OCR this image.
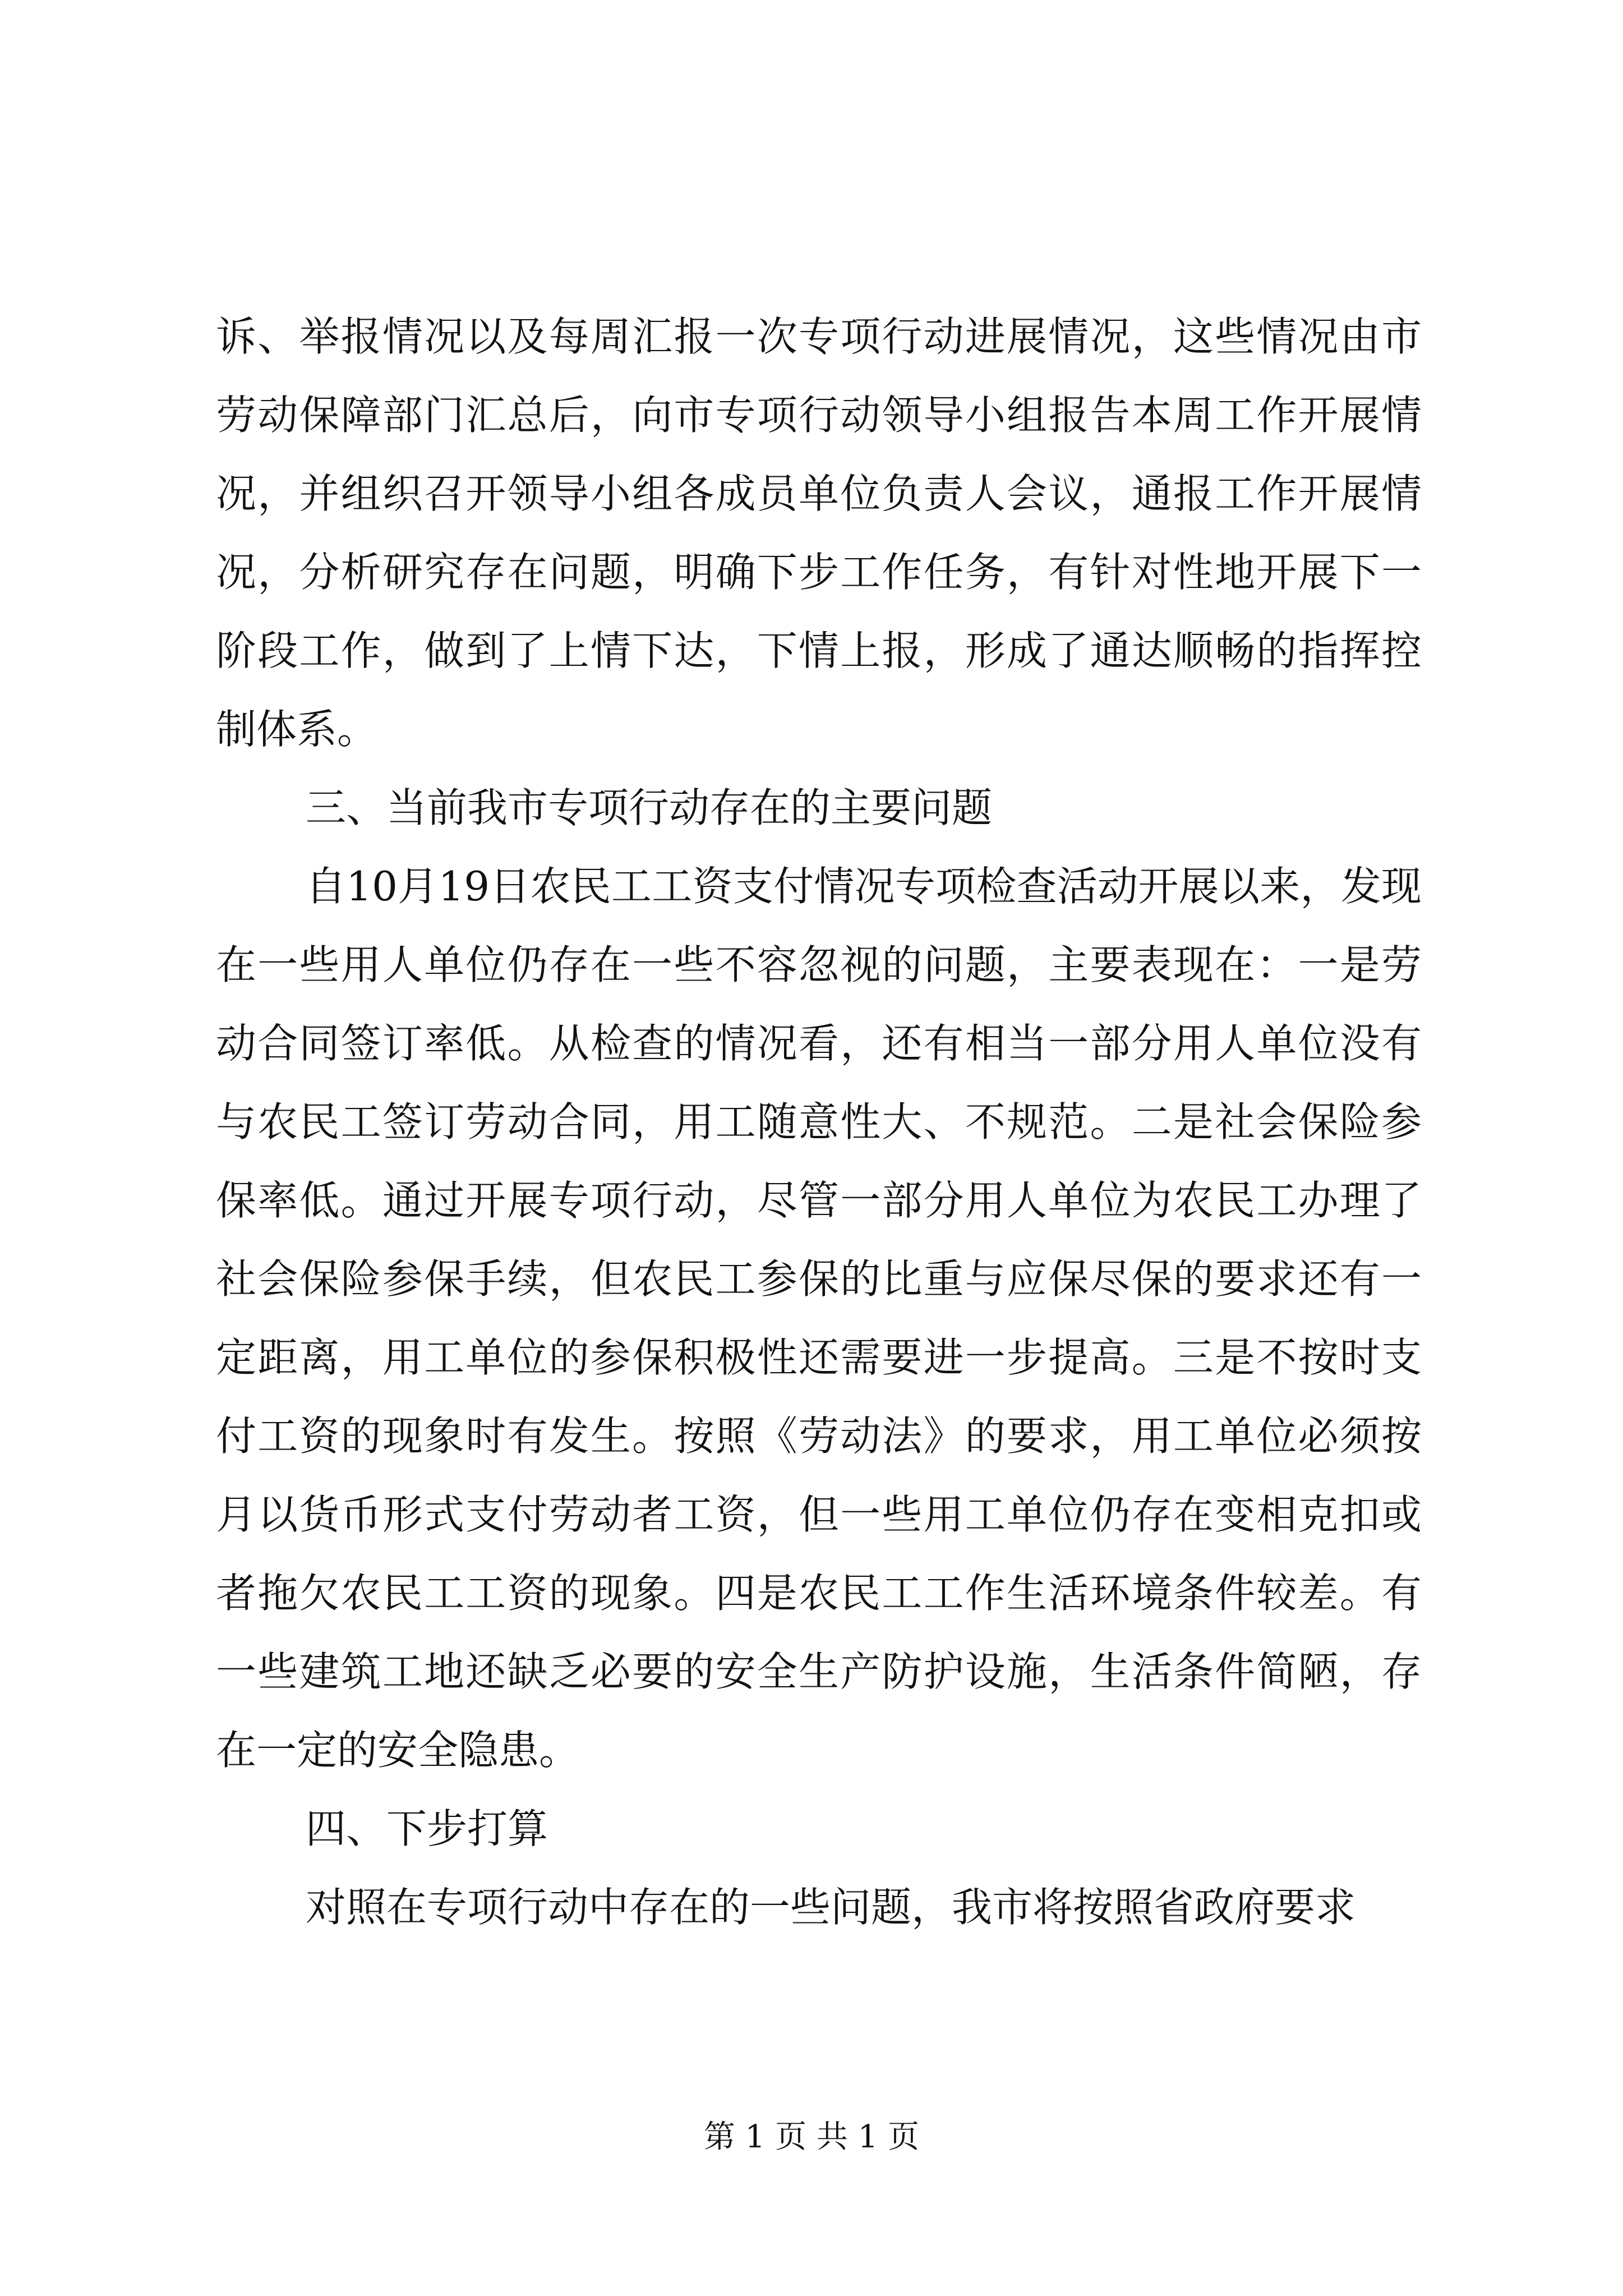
诉、举报情况以及每周汇报一次专项行动进展情况，这些情况由市劳动保障部门汇总后，向市专项行动领导小组报告本周工作开展情况，并组织召开领导小组各成员单位负责人会议，通报工作开展情况，分析研究存在问题，明确下步工作任务，有针对性地开展下一阶段工作，做到了上情下达，下情上报，形成了通达顺畅的指挥控制体系。

三、当前我市专项行动存在的主要问题

自10月19日农民工工资支付情况专项检查活动开展以来，发现在一些用人单位仍存在一些不容忽视的问题，主要表现在：一是劳动合同签订率低。从检查的情况看，还有相当一部分用人单位没有与农民工签订劳动合同，用工随意性大、不规范。二是社会保险参保率低。通过开展专项行动，尽管一部分用人单位为农民工办理了社会保险参保手续，但农民工参保的比重与应保尽保的要求还有一定距离，用工单位的参保积极性还需要进一步提高。三是不按时支付工资的现象时有发生。按照《劳动法》的要求，用工单位必须按月以货币形式支付劳动者工资，但一些用工单位仍存在变相克扣或者拖欠农民工工资的现象。四是农民工工作生活环境条件较差。有一些建筑工地还缺乏必要的安全生产防护设施，生活条件简陋，存在一定的安全隐患。

四、下步打算

对照在专项行动中存在的一些问题，我市将按照省政府要求

第 1 页 共 1 页
